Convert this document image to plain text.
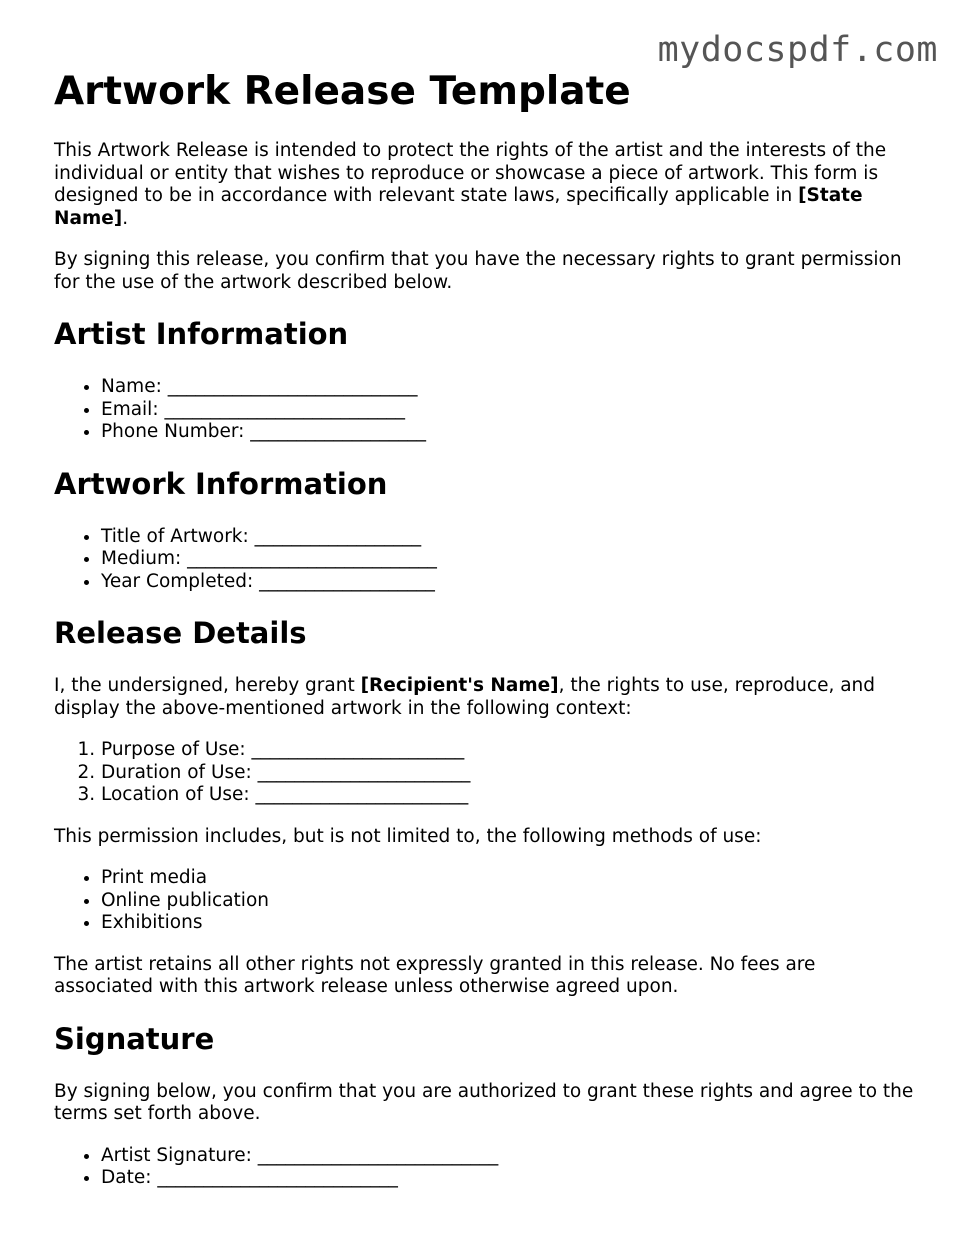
mydocspdf.com
Artwork Release Template

This Artwork Release is intended to protect the rights of the artist and the interests of the individual or entity that wishes to reproduce or showcase a piece of artwork. This form is designed to be in accordance with relevant state laws, specifically applicable in [State Name].

By signing this release, you confirm that you have the necessary rights to grant permission for the use of the artwork described below.

Artist Information
• Name: ___________________________
• Email: __________________________
• Phone Number: ___________________
Artwork Information
• Title of Artwork: __________________
• Medium: ___________________________
• Year Completed: ___________________
Release Details

I, the undersigned, hereby grant [Recipient's Name], the rights to use, reproduce, and display the above-mentioned artwork in the following context:

1. Purpose of Use: _______________________
2. Duration of Use: _______________________
3. Location of Use: _______________________

This permission includes, but is not limited to, the following methods of use:

• Print media
• Online publication
• Exhibitions

The artist retains all other rights not expressly granted in this release. No fees are associated with this artwork release unless otherwise agreed upon.

Signature

By signing below, you confirm that you are authorized to grant these rights and agree to the terms set forth above.

• Artist Signature: __________________________
• Date: __________________________
